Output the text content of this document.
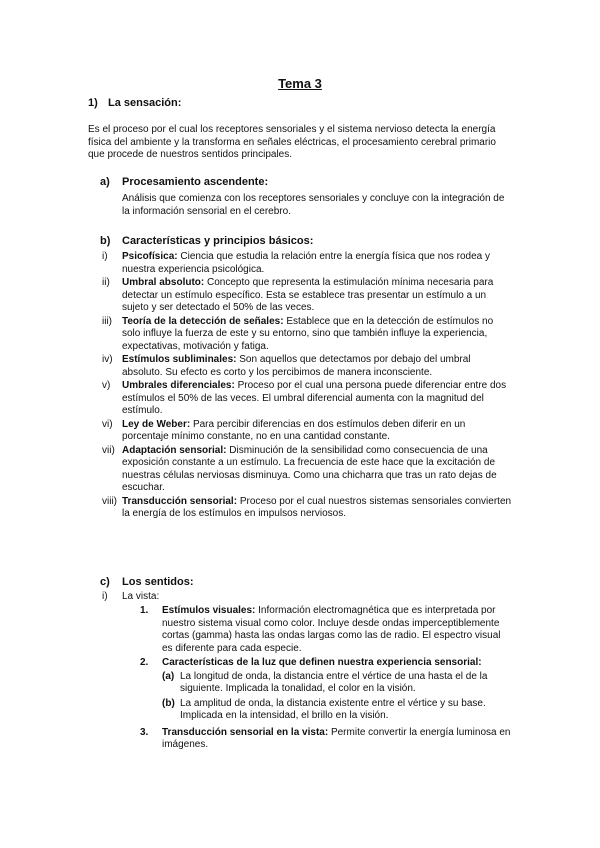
Tema 3
1) La sensación:
Es el proceso por el cual los receptores sensoriales y el sistema nervioso detecta la energía física del ambiente y la transforma en señales eléctricas, el procesamiento cerebral primario que procede de nuestros sentidos principales.
a) Procesamiento ascendente:
Análisis que comienza con los receptores sensoriales y concluye con la integración de la información sensorial en el cerebro.
b) Características y principios básicos:
i)	Psicofísica: Ciencia que estudia la relación entre la energía física que nos rodea y nuestra experiencia psicológica.
ii)	Umbral absoluto: Concepto que representa la estimulación mínima necesaria para detectar un estímulo específico. Esta se establece tras presentar un estímulo a un sujeto y ser detectado el 50% de las veces.
iii)	Teoría de la detección de señales: Establece que en la detección de estímulos no solo influye la fuerza de este y su entorno, sino que también influye la experiencia, expectativas, motivación y fatiga.
iv) Estímulos subliminales: Son aquellos que detectamos por debajo del umbral absoluto. Su efecto es corto y los percibimos de manera inconsciente.
v)	Umbrales diferenciales: Proceso por el cual una persona puede diferenciar entre dos estímulos el 50% de las veces. El umbral diferencial aumenta con la magnitud del estímulo.
vi) Ley de Weber: Para percibir diferencias en dos estímulos deben diferir en un porcentaje mínimo constante, no en una cantidad constante.
vii) Adaptación sensorial: Disminución de la sensibilidad como consecuencia de una exposición constante a un estímulo. La frecuencia de este hace que la excitación de nuestras células nerviosas disminuya. Como una chicharra que tras un rato dejas de escuchar.
viii) Transducción sensorial: Proceso por el cual nuestros sistemas sensoriales convierten la energía de los estímulos en impulsos nerviosos.
c) Los sentidos:
i)	La vista:
1.	Estímulos visuales: Información electromagnética que es interpretada por nuestro sistema visual como color. Incluye desde ondas imperceptiblemente cortas (gamma) hasta las ondas largas como las de radio. El espectro visual es diferente para cada especie.
2.	Características de la luz que definen nuestra experiencia sensorial:
(a) La longitud de onda, la distancia entre el vértice de una hasta el de la siguiente. Implicada la tonalidad, el color en la visión.
(b) La amplitud de onda, la distancia existente entre el vértice y su base. Implicada en la intensidad, el brillo en la visión.
3.	Transducción sensorial en la vista: Permite convertir la energía luminosa en imágenes.
